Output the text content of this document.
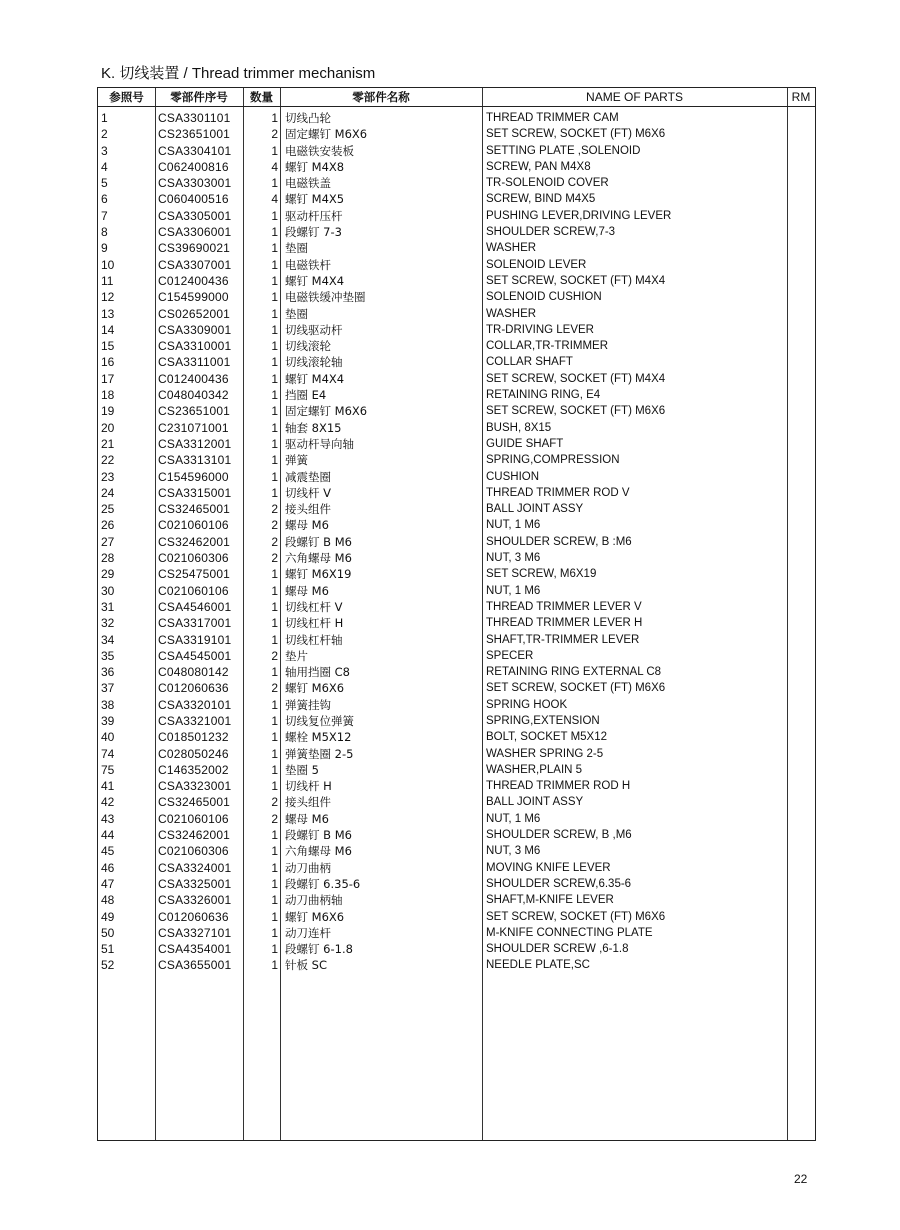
K. 切线装置 / Thread trimmer mechanism
参照号	零部件序号	数量	零部件名称	NAME OF PARTS	RM
1	CSA3301101	1 切线凸轮	THREAD TRIMMER CAM
2	CS23651001	2 固定螺钉 M6X6	SET SCREW, SOCKET (FT) M6X6
3	CSA3304101	1 电磁铁安装板	SETTING PLATE ,SOLENOID
4	C062400816	4 螺钉 M4X8	SCREW, PAN M4X8
5	CSA3303001	1 电磁铁盖	TR-SOLENOID COVER
6	C060400516	4 螺钉 M4X5	SCREW, BIND M4X5
7	CSA3305001	1 驱动杆压杆	PUSHING LEVER,DRIVING LEVER
8	CSA3306001	1 段螺钉 7-3	SHOULDER SCREW,7-3
9	CS39690021	1 垫圈	WASHER
10	CSA3307001	1 电磁铁杆	SOLENOID LEVER
11	C012400436	1 螺钉 M4X4	SET SCREW, SOCKET (FT) M4X4
12	C154599000	1 电磁铁缓冲垫圈	SOLENOID CUSHION
13	CS02652001	1 垫圈	WASHER
14	CSA3309001	1 切线驱动杆	TR-DRIVING LEVER
15	CSA3310001	1 切线滚轮	COLLAR,TR-TRIMMER
16	CSA3311001	1 切线滚轮轴	COLLAR SHAFT
17	C012400436	1 螺钉 M4X4	SET SCREW, SOCKET (FT) M4X4
18	C048040342	1 挡圈 E4	RETAINING RING, E4
19	CS23651001	1 固定螺钉 M6X6	SET SCREW, SOCKET (FT) M6X6
20	C231071001	1 轴套 8X15	BUSH, 8X15
21	CSA3312001	1 驱动杆导向轴	GUIDE SHAFT
22	CSA3313101	1 弹簧	SPRING,COMPRESSION
23	C154596000	1 减震垫圈	CUSHION
24	CSA3315001	1 切线杆 V	THREAD TRIMMER ROD V
25	CS32465001	2 接头组件	BALL JOINT ASSY
26	C021060106	2 螺母 M6	NUT, 1 M6
27	CS32462001	2 段螺钉 B M6	SHOULDER SCREW, B :M6
28	C021060306	2 六角螺母 M6	NUT, 3 M6
29	CS25475001	1 螺钉 M6X19	SET SCREW, M6X19
30	C021060106	1 螺母 M6	NUT, 1 M6
31	CSA4546001	1 切线杠杆 V	THREAD TRIMMER LEVER V
32	CSA3317001	1 切线杠杆 H	THREAD TRIMMER LEVER H
34	CSA3319101	1 切线杠杆轴	SHAFT,TR-TRIMMER LEVER
35	CSA4545001	2 垫片	SPECER
36	C048080142	1 轴用挡圈 C8	RETAINING RING EXTERNAL C8
37	C012060636	2 螺钉 M6X6	SET SCREW, SOCKET (FT) M6X6
38	CSA3320101	1 弹簧挂钩	SPRING HOOK
39	CSA3321001	1 切线复位弹簧	SPRING,EXTENSION
40	C018501232	1 螺栓 M5X12	BOLT, SOCKET M5X12
74	C028050246	1 弹簧垫圈 2-5	WASHER SPRING 2-5
75	C146352002	1 垫圈 5	WASHER,PLAIN 5
41	CSA3323001	1 切线杆 H	THREAD TRIMMER ROD H
42	CS32465001	2 接头组件	BALL JOINT ASSY
43	C021060106	2 螺母 M6	NUT, 1 M6
44	CS32462001	1 段螺钉 B M6	SHOULDER SCREW, B ,M6
45	C021060306	1 六角螺母 M6	NUT, 3 M6
46	CSA3324001	1 动刀曲柄	MOVING KNIFE LEVER
47	CSA3325001	1 段螺钉 6.35-6	SHOULDER SCREW,6.35-6
48	CSA3326001	1 动刀曲柄轴	SHAFT,M-KNIFE LEVER
49	C012060636	1 螺钉 M6X6	SET SCREW, SOCKET (FT) M6X6
50	CSA3327101	1 动刀连杆	M-KNIFE CONNECTING PLATE
51	CSA4354001	1 段螺钉 6-1.8	SHOULDER SCREW ,6-1.8
52	CSA3655001	1 针板 SC	NEEDLE PLATE,SC
22
